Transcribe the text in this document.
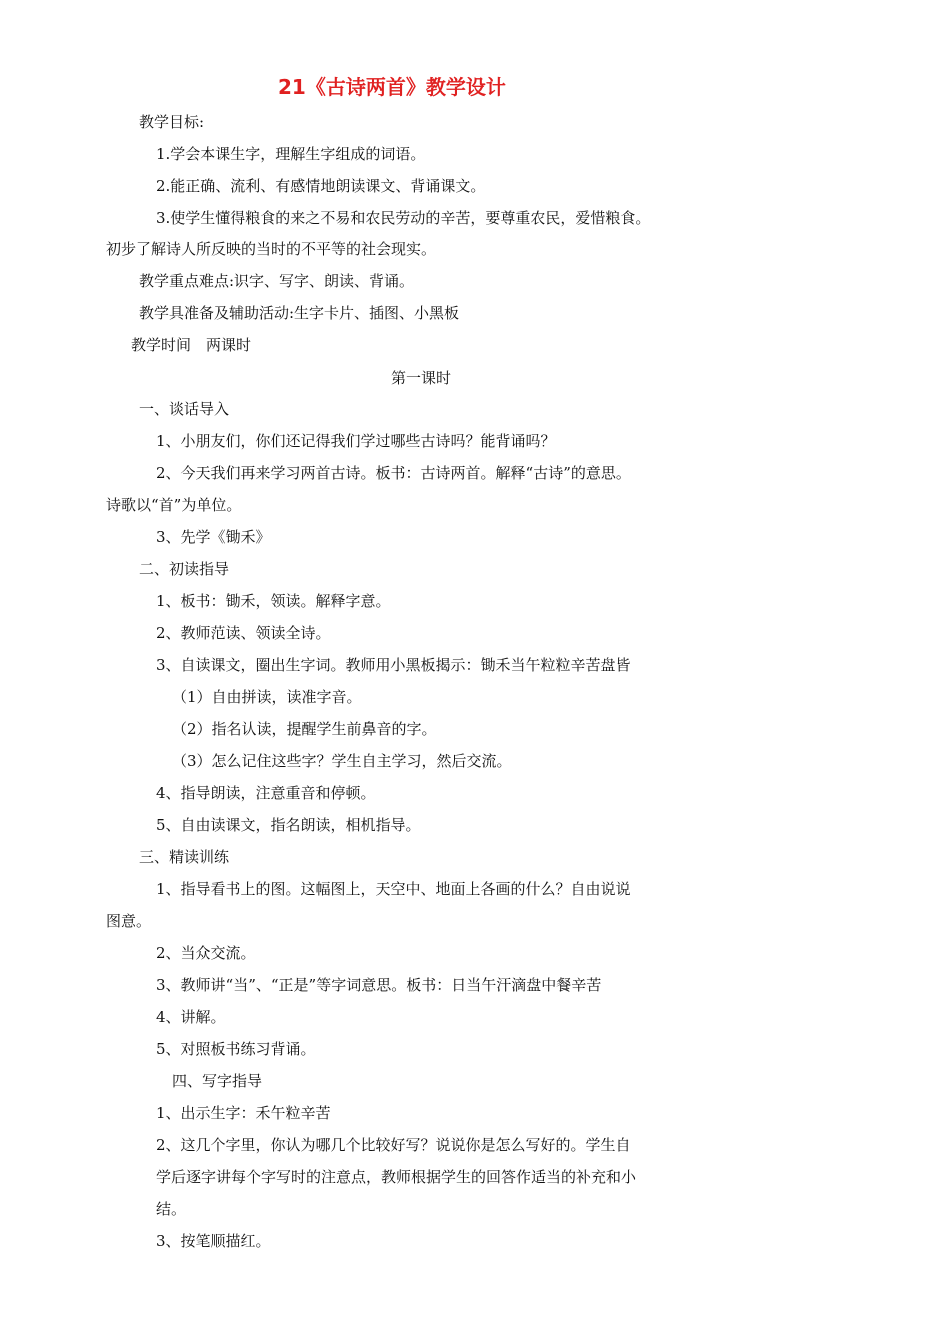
21《古诗两首》教学设计
教学目标:
1.学会本课生字，理解生字组成的词语。
2.能正确、流利、有感情地朗读课文、背诵课文。
3.使学生懂得粮食的来之不易和农民劳动的辛苦，要尊重农民，爱惜粮食。
初步了解诗人所反映的当时的不平等的社会现实。
教学重点难点:识字、写字、朗读、背诵。
教学具准备及辅助活动:生字卡片、插图、小黑板
教学时间　两课时
第一课时
一、谈话导入
1、小朋友们，你们还记得我们学过哪些古诗吗？能背诵吗？
2、今天我们再来学习两首古诗。板书：古诗两首。解释“古诗”的意思。
诗歌以“首”为单位。
3、先学《锄禾》
二、初读指导
1、板书：锄禾，领读。解释字意。
2、教师范读、领读全诗。
3、自读课文，圈出生字词。教师用小黑板揭示：锄禾当午粒粒辛苦盘皆
（1）自由拼读，读准字音。
（2）指名认读，提醒学生前鼻音的字。
（3）怎么记住这些字？学生自主学习，然后交流。
4、指导朗读，注意重音和停顿。
5、自由读课文，指名朗读，相机指导。
三、精读训练
1、指导看书上的图。这幅图上，天空中、地面上各画的什么？自由说说
图意。
2、当众交流。
3、教师讲“当”、“正是”等字词意思。板书：日当午汗滴盘中餐辛苦
4、讲解。
5、对照板书练习背诵。
四、写字指导
1、出示生字：禾午粒辛苦
2、这几个字里，你认为哪几个比较好写？说说你是怎么写好的。学生自
学后逐字讲每个字写时的注意点，教师根据学生的回答作适当的补充和小
结。
3、按笔顺描红。
